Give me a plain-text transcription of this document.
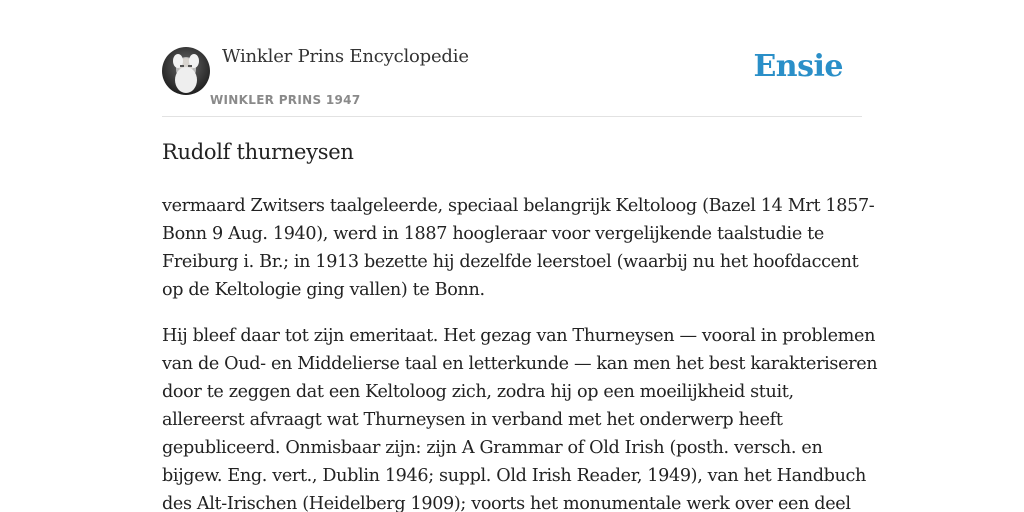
Winkler Prins Encyclopedie
WINKLER PRINS 1947
Ensie
Rudolf thurneysen

vermaard Zwitsers taalgeleerde, speciaal belangrijk Keltoloog (Bazel 14 Mrt 1857-
Bonn 9 Aug. 1940), werd in 1887 hoogleraar voor vergelijkende taalstudie te
Freiburg i. Br.; in 1913 bezette hij dezelfde leerstoel (waarbij nu het hoofdaccent
op de Keltologie ging vallen) te Bonn.

Hij bleef daar tot zijn emeritaat. Het gezag van Thurneysen — vooral in problemen
van de Oud- en Middelierse taal en letterkunde — kan men het best karakteriseren
door te zeggen dat een Keltoloog zich, zodra hij op een moeilijkheid stuit,
allereerst afvraagt wat Thurneysen in verband met het onderwerp heeft
gepubliceerd. Onmisbaar zijn: zijn A Grammar of Old Irish (posth. versch. en
bijgew. Eng. vert., Dublin 1946; suppl. Old Irish Reader, 1949), van het Handbuch
des Alt-Irischen (Heidelberg 1909); voorts het monumentale werk over een deel
